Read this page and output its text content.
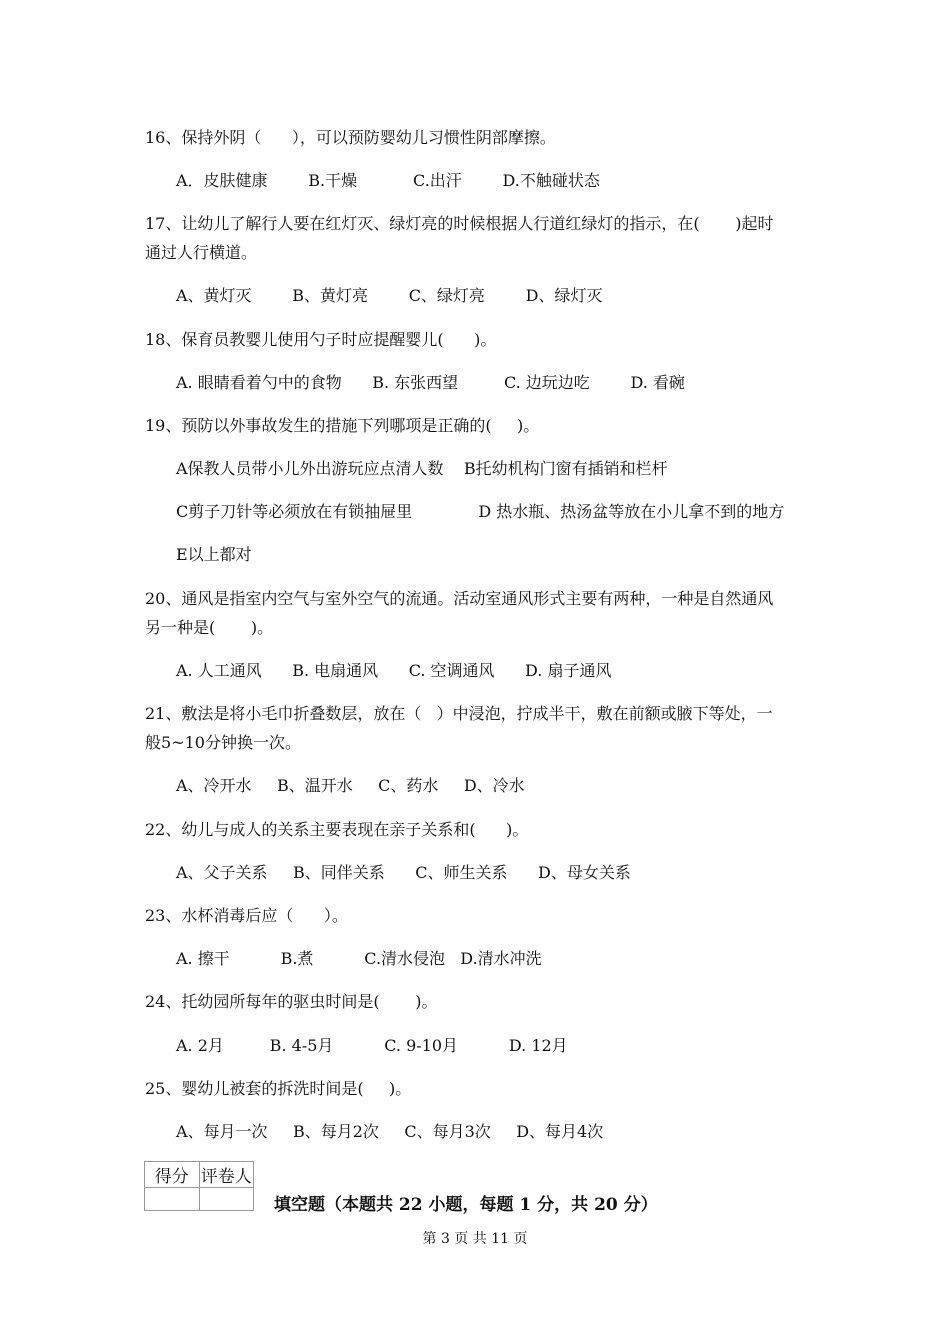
16、保持外阴（      ），可以预防婴幼儿习惯性阴部摩擦。
A．皮肤健康        B.干燥           C.出汗        D.不触碰状态
17、让幼儿了解行人要在红灯灭、绿灯亮的时候根据人行道红绿灯的指示，在(       )起时
通过人行横道。
A、黄灯灭        B、黄灯亮        C、绿灯亮        D、绿灯灭
18、保育员教婴儿使用勺子时应提醒婴儿(      )。
A. 眼睛看着勺中的食物      B. 东张西望         C. 边玩边吃        D. 看碗
19、预防以外事故发生的措施下列哪项是正确的(     )。
A保教人员带小儿外出游玩应点清人数    B托幼机构门窗有插销和栏杆
C剪子刀针等必须放在有锁抽屉里             D 热水瓶、热汤盆等放在小儿拿不到的地方
E以上都对
20、通风是指室内空气与室外空气的流通。活动室通风形式主要有两种，一种是自然通风
另一种是(       )。
A. 人工通风      B. 电扇通风      C. 空调通风      D. 扇子通风
21、敷法是将小毛巾折叠数层，放在（   ）中浸泡，拧成半干，敷在前额或腋下等处，一
般5~10分钟换一次。
A、冷开水     B、温开水     C、药水     D、冷水
22、幼儿与成人的关系主要表现在亲子关系和(      )。
A、父子关系     B、同伴关系      C、师生关系      D、母女关系
23、水杯消毒后应（      ）。
A. 擦干          B.煮          C.清水侵泡   D.清水冲洗
24、托幼园所每年的驱虫时间是(       )。
A. 2月         B. 4-5月          C. 9-10月          D. 12月
25、婴幼儿被套的拆洗时间是(     )。
A、每月一次     B、每月2次     C、每月3次     D、每月4次
得分	评卷人

填空题（本题共 22 小题，每题 1 分，共 20 分）
第 3 页 共 11 页
